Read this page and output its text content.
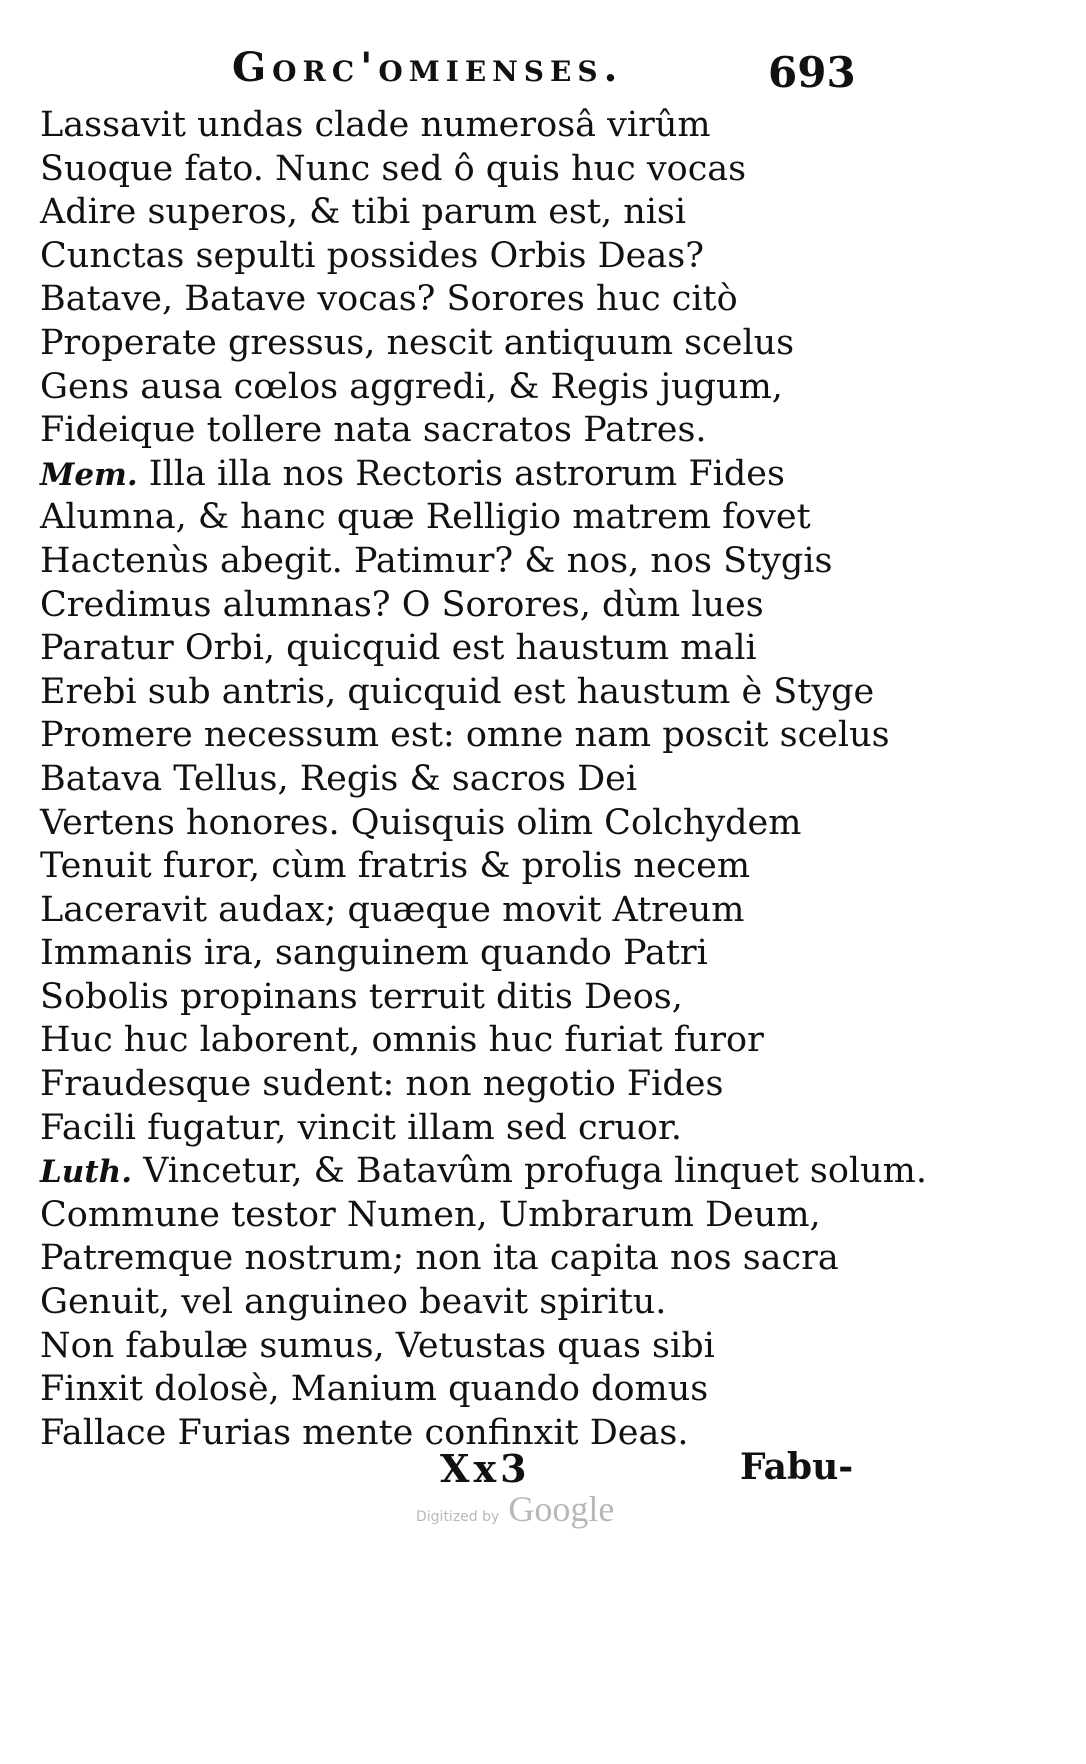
Gorc'omienses.	693
Lassavit undas clade numerosâ virûm
Suoque fato. Nunc sed ô quis huc vocas
Adire superos, & tibi parum est, nisi
Cunctas sepulti possides Orbis Deas?
Batave, Batave vocas? Sorores huc citò
Properate gressus, nescit antiquum scelus
Gens ausa cœlos aggredi, & Regis jugum,
Fideique tollere nata sacratos Patres.
Mem. Illa illa nos Rectoris astrorum Fides
Alumna, & hanc quæ Relligio matrem fovet
Hactenùs abegit. Patimur? & nos, nos Stygis
Credimus alumnas? O Sorores, dùm lues
Paratur Orbi, quicquid est haustum mali
Erebi sub antris, quicquid est haustum è Styge
Promere necessum est: omne nam poscit scelus
Batava Tellus, Regis & sacros Dei
Vertens honores. Quisquis olim Colchydem
Tenuit furor, cùm fratris & prolis necem
Laceravit audax; quæque movit Atreum
Immanis ira, sanguinem quando Patri
Sobolis propinans terruit ditis Deos,
Huc huc laborent, omnis huc furiat furor
Fraudesque sudent: non negotio Fides
Facili fugatur, vincit illam sed cruor.
Luth. Vincetur, & Batavûm profuga linquet solum.
Commune testor Numen, Umbrarum Deum,
Patremque nostrum; non ita capita nos sacra
Genuit, vel anguineo beavit spiritu.
Non fabulæ sumus, Vetustas quas sibi
Finxit dolosè, Manium quando domus
Fallace Furias mente confinxit Deas.
Xx3	Fabu-
Digitized by Google
